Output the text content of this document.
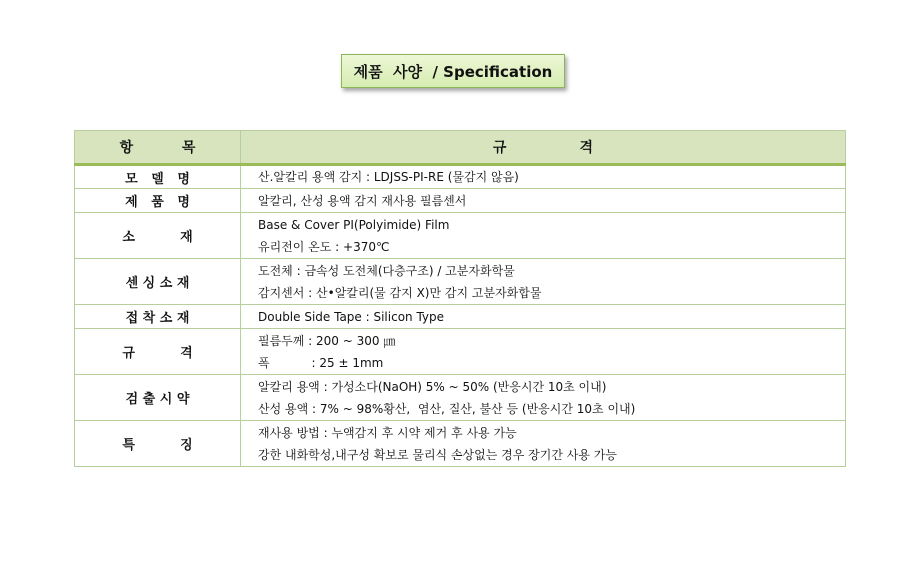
제품  사양  / Specification
항          목	규               격
모   델   명	산.알칼리 용액 감지 : LDJSS-PI-RE (물감지 않음)

제   품   명	알칼리, 산성 용액 감지 재사용 필름센서

소          재	Base & Cover PI(Polyimide) Film
유리전이 온도 : +370℃

센 싱 소 재	도전체 : 금속성 도전체(다층구조) / 고분자화학물
감지센서 : 산•알칼리(물 감지 X)만 감지 고분자화합물

접 착 소 재	Double Side Tape : Silicon Type

규          격	필름두께 : 200 ~ 300 ㎛
폭           : 25 ± 1mm

검 출 시 약	알칼리 용액 : 가성소다(NaOH) 5% ~ 50% (반응시간 10초 이내)
산성 용액 : 7% ~ 98%황산,  염산, 질산, 불산 등 (반응시간 10초 이내)

특          징	재사용 방법 : 누액감지 후 시약 제거 후 사용 가능
강한 내화학성,내구성 확보로 물리식 손상없는 경우 장기간 사용 가능
